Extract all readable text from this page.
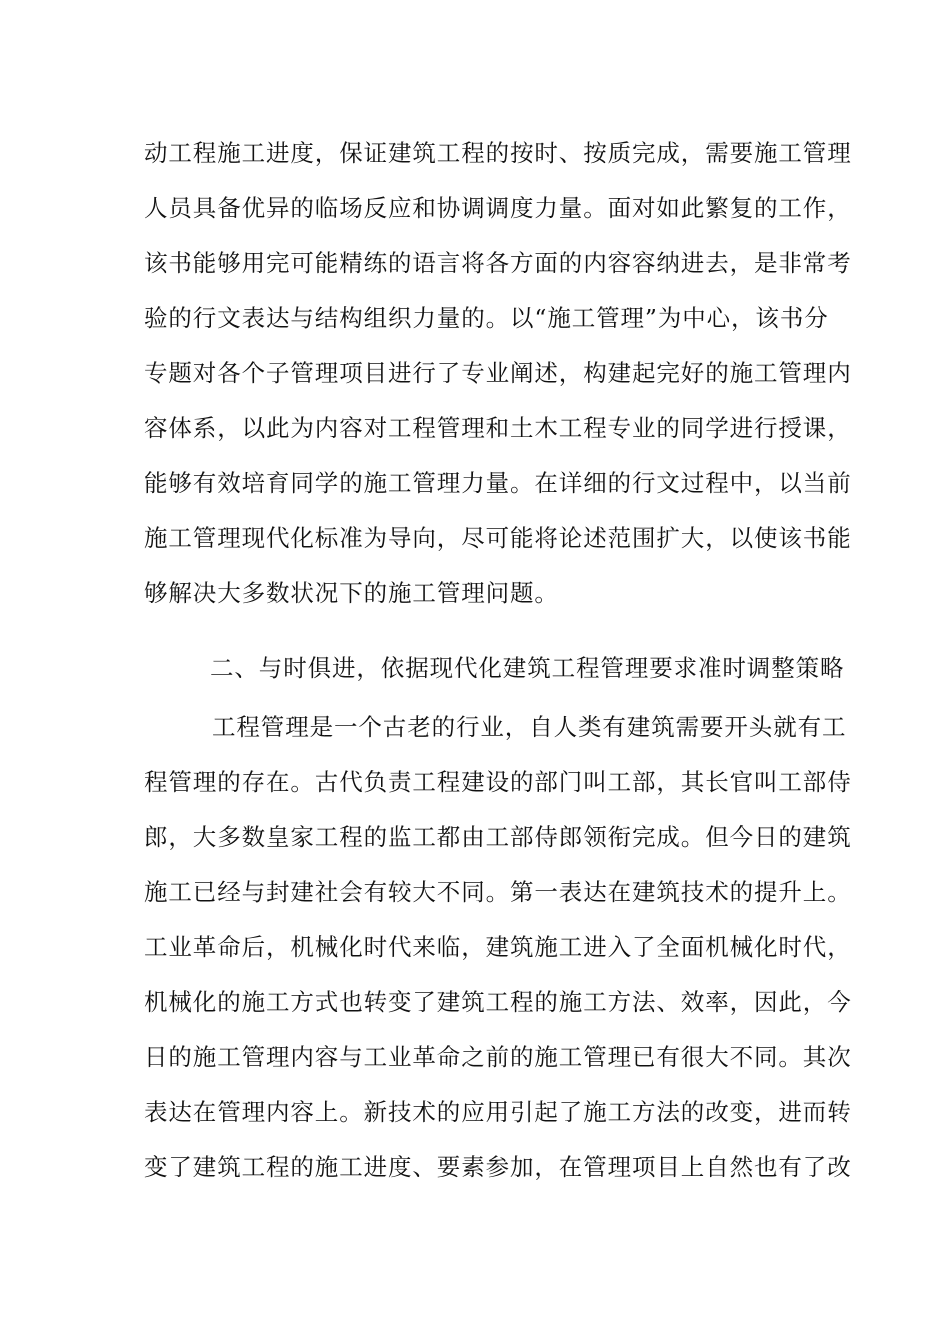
动工程施工进度，保证建筑工程的按时、按质完成，需要施工管理
人员具备优异的临场反应和协调调度力量。面对如此繁复的工作，
该书能够用完可能精练的语言将各方面的内容容纳进去，是非常考
验的行文表达与结构组织力量的。以“施工管理”为中心，该书分
专题对各个子管理项目进行了专业阐述，构建起完好的施工管理内
容体系，以此为内容对工程管理和土木工程专业的同学进行授课，
能够有效培育同学的施工管理力量。在详细的行文过程中，以当前
施工管理现代化标准为导向，尽可能将论述范围扩大，以使该书能
够解决大多数状况下的施工管理问题。
二、与时俱进，依据现代化建筑工程管理要求准时调整策略
工程管理是一个古老的行业，自人类有建筑需要开头就有工
程管理的存在。古代负责工程建设的部门叫工部，其长官叫工部侍
郎，大多数皇家工程的监工都由工部侍郎领衔完成。但今日的建筑
施工已经与封建社会有较大不同。第一表达在建筑技术的提升上。
工业革命后，机械化时代来临，建筑施工进入了全面机械化时代，
机械化的施工方式也转变了建筑工程的施工方法、效率，因此，今
日的施工管理内容与工业革命之前的施工管理已有很大不同。其次
表达在管理内容上。新技术的应用引起了施工方法的改变，进而转
变了建筑工程的施工进度、要素参加，在管理项目上自然也有了改
